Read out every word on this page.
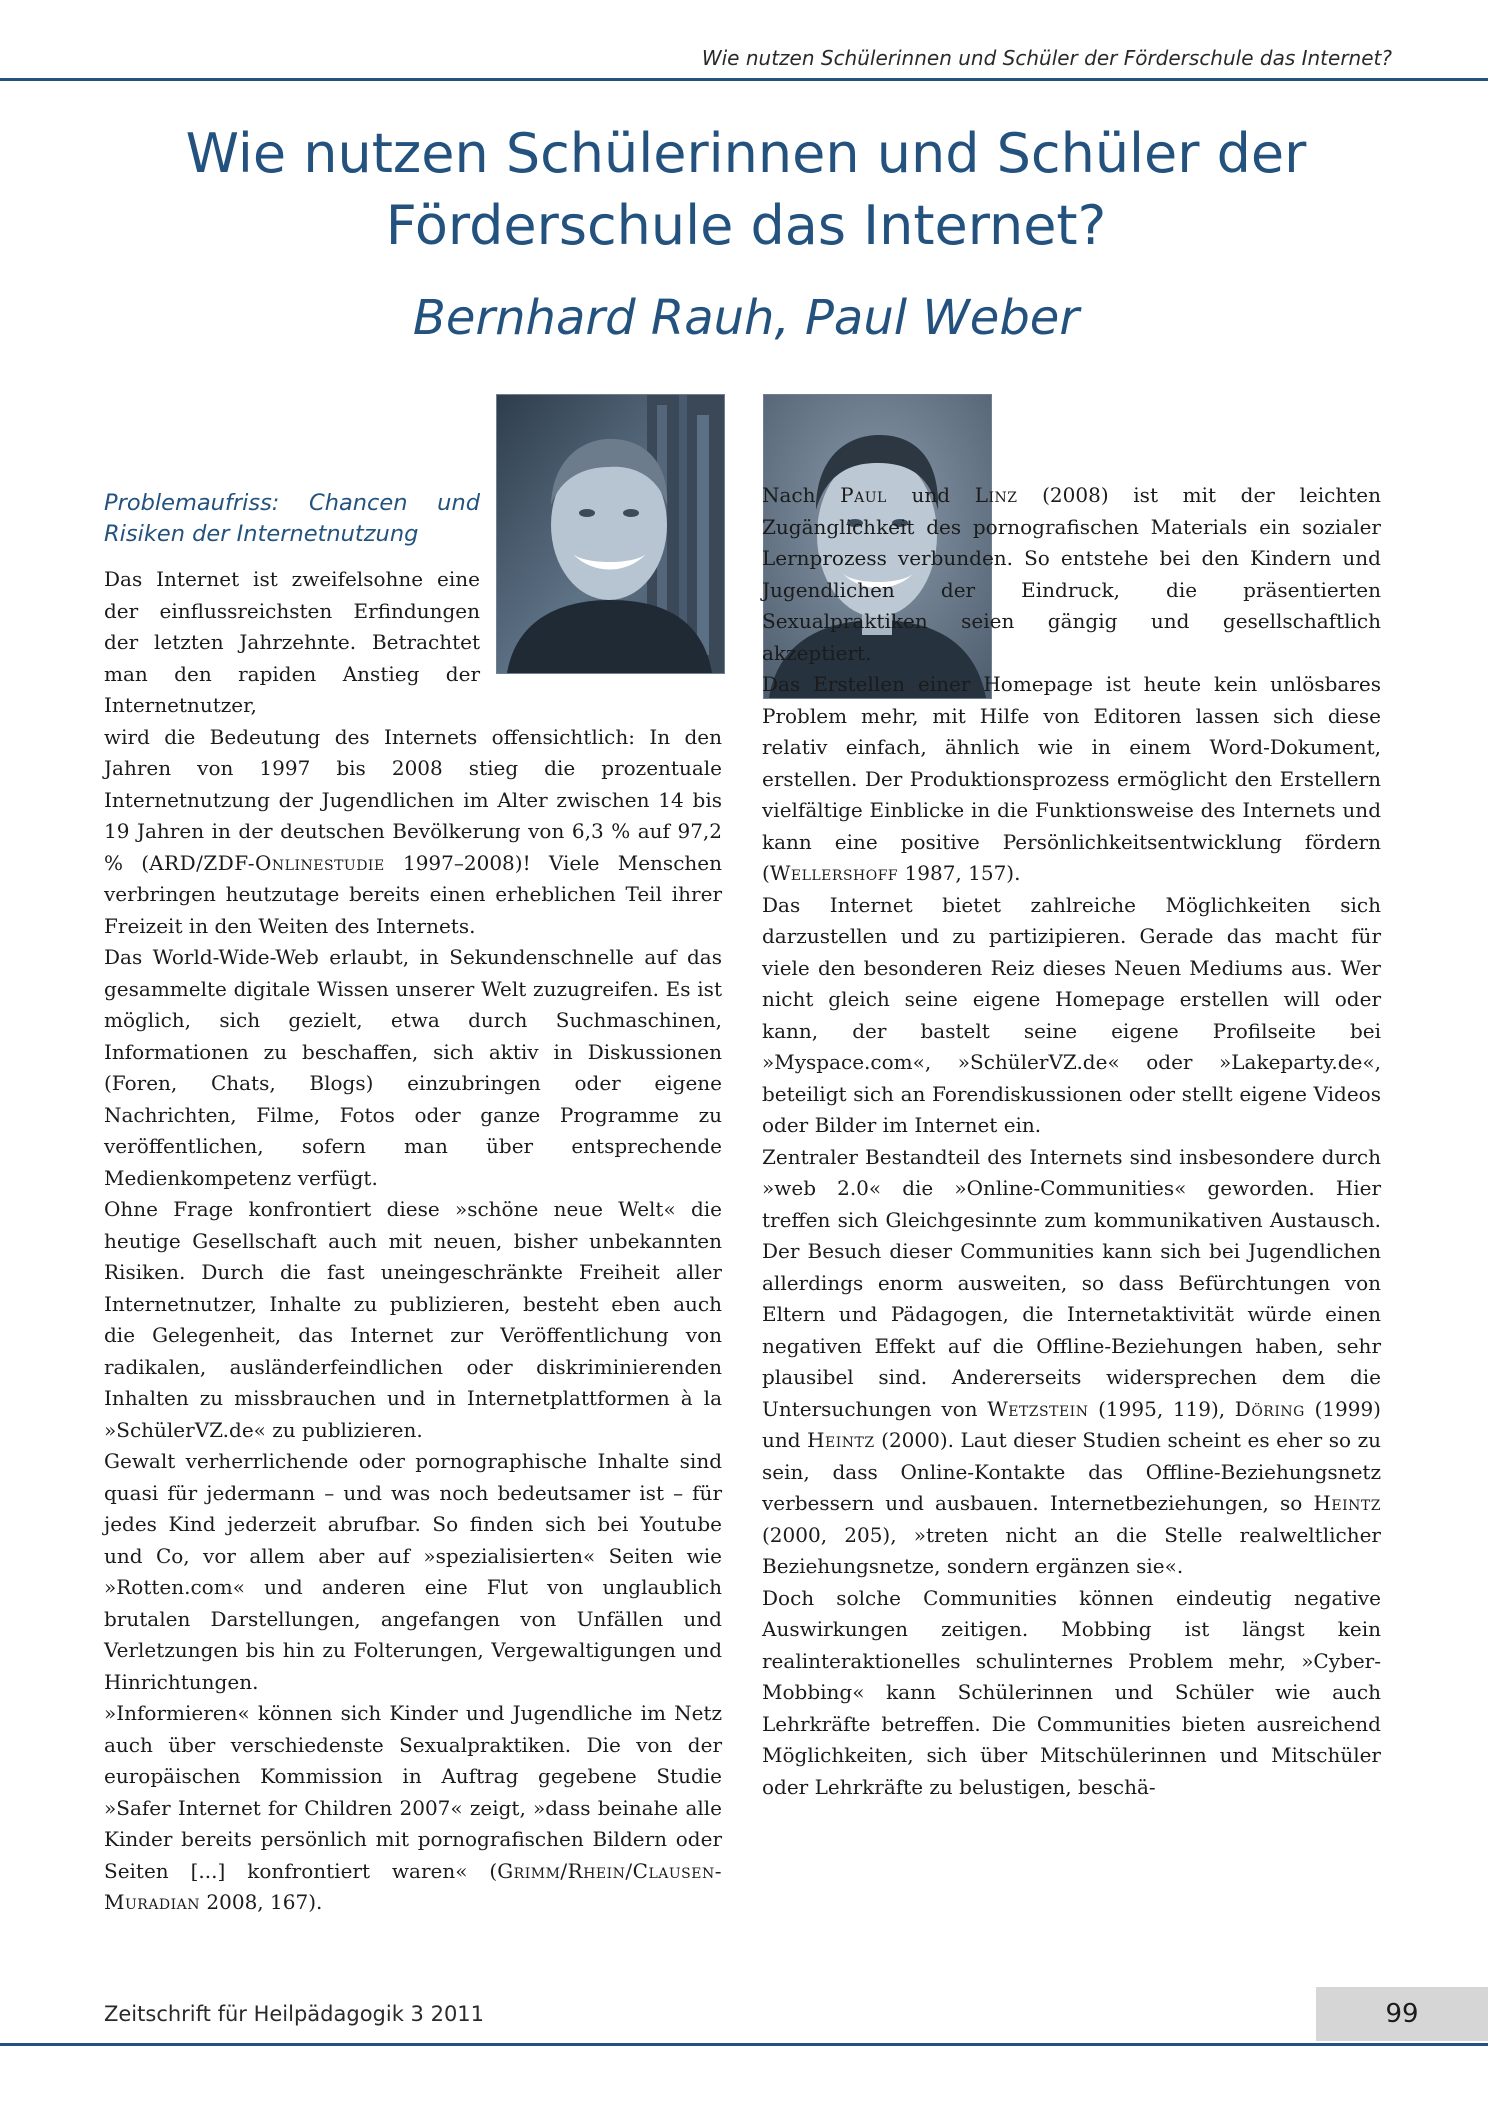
Wie nutzen Schülerinnen und Schüler der Förderschule das Internet?
Wie nutzen Schülerinnen und Schüler der
Förderschule das Internet?
Bernhard Rauh, Paul Weber
Problemaufriss: Chancen und Risiken der Internetnutzung

Das Internet ist zweifelsohne eine der einflussreichsten Erfindungen der letzten Jahrzehnte. Betrachtet man den rapiden Anstieg der Internetnutzer,

wird die Bedeutung des Internets offensichtlich: In den Jahren von 1997 bis 2008 stieg die prozentuale Internetnutzung der Jugendlichen im Alter zwischen 14 bis 19 Jahren in der deutschen Bevölkerung von 6,3 % auf 97,2 % (ARD/ZDF-Onlinestudie 1997–2008)! Viele Menschen verbringen heutzutage bereits einen erheblichen Teil ihrer Freizeit in den Weiten des Internets.

Das World-Wide-Web erlaubt, in Sekundenschnelle auf das gesammelte digitale Wissen unserer Welt zuzugreifen. Es ist möglich, sich gezielt, etwa durch Suchmaschinen, Informationen zu beschaffen, sich aktiv in Diskussionen (Foren, Chats, Blogs) einzubringen oder eigene Nachrichten, Filme, Fotos oder ganze Programme zu veröffentlichen, sofern man über entsprechende Medienkompetenz verfügt.

Ohne Frage konfrontiert diese »schöne neue Welt« die heutige Gesellschaft auch mit neuen, bisher unbekannten Risiken. Durch die fast uneingeschränkte Freiheit aller Internetnutzer, Inhalte zu publizieren, besteht eben auch die Gelegenheit, das Internet zur Veröffentlichung von radikalen, ausländerfeindlichen oder diskriminierenden Inhalten zu missbrauchen und in Internetplattformen à la »SchülerVZ.de« zu publizieren.

Gewalt verherrlichende oder pornographische Inhalte sind quasi für jedermann – und was noch bedeutsamer ist – für jedes Kind jederzeit abrufbar. So finden sich bei Youtube und Co, vor allem aber auf »spezialisierten« Seiten wie »Rotten.com« und anderen eine Flut von unglaublich brutalen Darstellungen, angefangen von Unfällen und Verletzungen bis hin zu Folterungen, Vergewaltigungen und Hinrichtungen.

»Informieren« können sich Kinder und Jugendliche im Netz auch über verschiedenste Sexualpraktiken. Die von der europäischen Kommission in Auftrag gegebene Studie »Safer Internet for Children 2007« zeigt, »dass beinahe alle Kinder bereits persönlich mit pornografischen Bildern oder Seiten [...] konfrontiert waren« (Grimm/Rhein/Clausen-Muradian 2008, 167).

Nach Paul und Linz (2008) ist mit der leichten Zugänglichkeit des pornografischen Materials ein sozialer Lernprozess verbunden. So entstehe bei den Kindern und Jugendlichen der Eindruck, die präsentierten Sexualpraktiken seien gängig und gesellschaftlich akzeptiert.

Das Erstellen einer Homepage ist heute kein unlösbares Problem mehr, mit Hilfe von Editoren lassen sich diese relativ einfach, ähnlich wie in einem Word-Dokument, erstellen. Der Produktionsprozess ermöglicht den Erstellern vielfältige Einblicke in die Funktionsweise des Internets und kann eine positive Persönlichkeitsentwicklung fördern (Wellershoff 1987, 157).

Das Internet bietet zahlreiche Möglichkeiten sich darzustellen und zu partizipieren. Gerade das macht für viele den besonderen Reiz dieses Neuen Mediums aus. Wer nicht gleich seine eigene Homepage erstellen will oder kann, der bastelt seine eigene Profilseite bei »Myspace.com«, »SchülerVZ.de« oder »Lakeparty.de«, beteiligt sich an Forendiskussionen oder stellt eigene Videos oder Bilder im Internet ein.

Zentraler Bestandteil des Internets sind insbesondere durch »web 2.0« die »Online-Communities« geworden. Hier treffen sich Gleichgesinnte zum kommunikativen Austausch. Der Besuch dieser Communities kann sich bei Jugendlichen allerdings enorm ausweiten, so dass Befürchtungen von Eltern und Pädagogen, die Internetaktivität würde einen negativen Effekt auf die Offline-Beziehungen haben, sehr plausibel sind. Andererseits widersprechen dem die Untersuchungen von Wetzstein (1995, 119), Döring (1999) und Heintz (2000). Laut dieser Studien scheint es eher so zu sein, dass Online-Kontakte das Offline-Beziehungsnetz verbessern und ausbauen. Internetbeziehungen, so Heintz (2000, 205), »treten nicht an die Stelle realweltlicher Beziehungsnetze, sondern ergänzen sie«.

Doch solche Communities können eindeutig negative Auswirkungen zeitigen. Mobbing ist längst kein realinteraktionelles schulinternes Problem mehr, »Cyber-Mobbing« kann Schülerinnen und Schüler wie auch Lehrkräfte betreffen. Die Communities bieten ausreichend Möglichkeiten, sich über Mitschülerinnen und Mitschüler oder Lehrkräfte zu belustigen, beschä-

Zeitschrift für Heilpädagogik 3 2011	99
